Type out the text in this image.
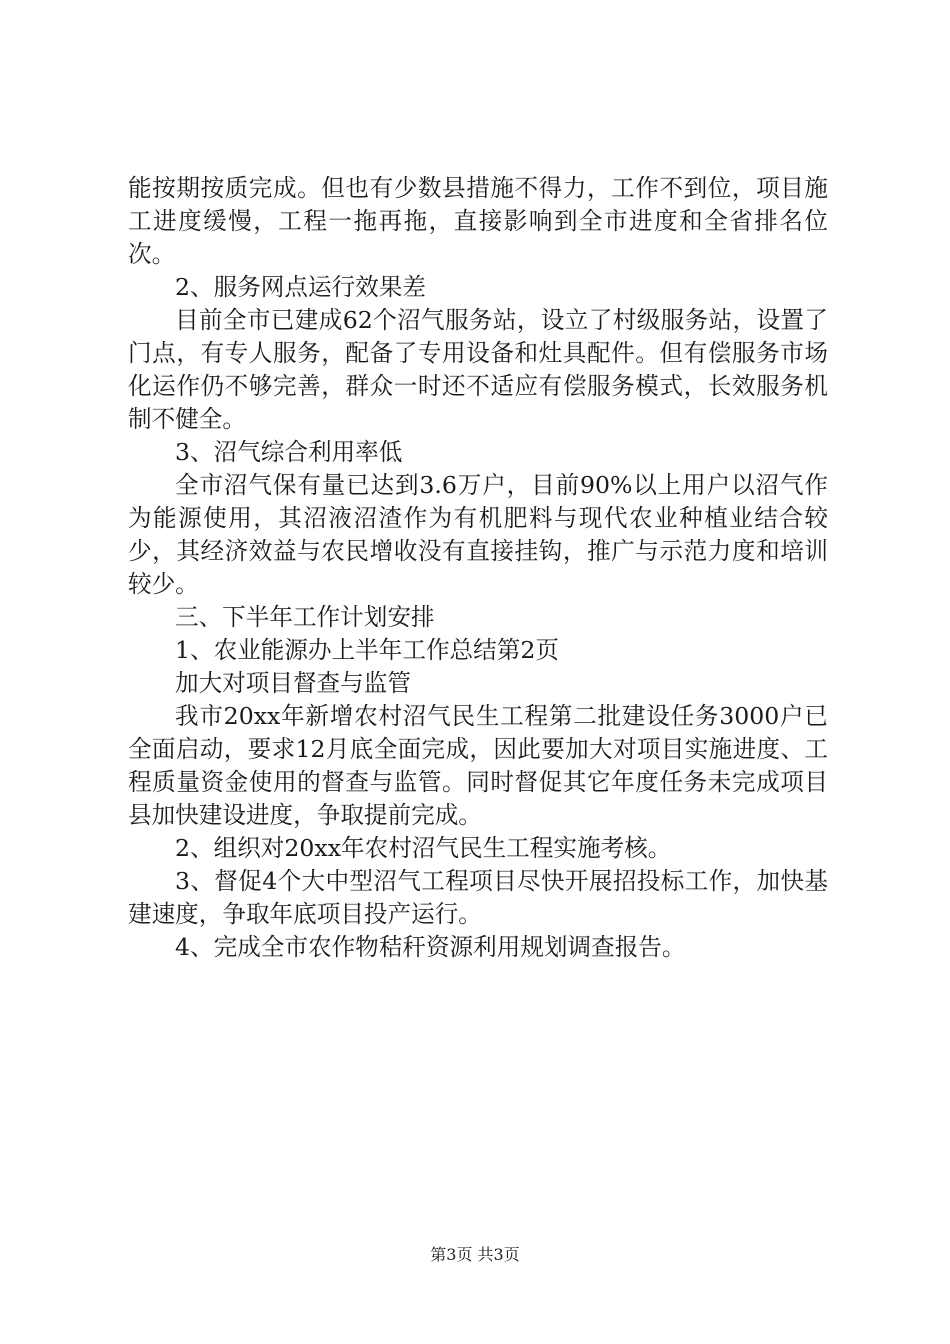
能按期按质完成。但也有少数县措施不得力，工作不到位，项目施工进度缓慢，工程一拖再拖，直接影响到全市进度和全省排名位次。

2、服务网点运行效果差

目前全市已建成62个沼气服务站，设立了村级服务站，设置了门点，有专人服务，配备了专用设备和灶具配件。但有偿服务市场化运作仍不够完善，群众一时还不适应有偿服务模式，长效服务机制不健全。

3、沼气综合利用率低

全市沼气保有量已达到3.6万户，目前90%以上用户以沼气作为能源使用，其沼液沼渣作为有机肥料与现代农业种植业结合较少，其经济效益与农民增收没有直接挂钩，推广与示范力度和培训较少。

三、下半年工作计划安排

1、农业能源办上半年工作总结第2页

加大对项目督查与监管

我市20xx年新增农村沼气民生工程第二批建设任务3000户已全面启动，要求12月底全面完成，因此要加大对项目实施进度、工程质量资金使用的督查与监管。同时督促其它年度任务未完成项目县加快建设进度，争取提前完成。

2、组织对20xx年农村沼气民生工程实施考核。

3、督促4个大中型沼气工程项目尽快开展招投标工作，加快基建速度，争取年底项目投产运行。

4、完成全市农作物秸秆资源利用规划调查报告。

第3页 共3页
